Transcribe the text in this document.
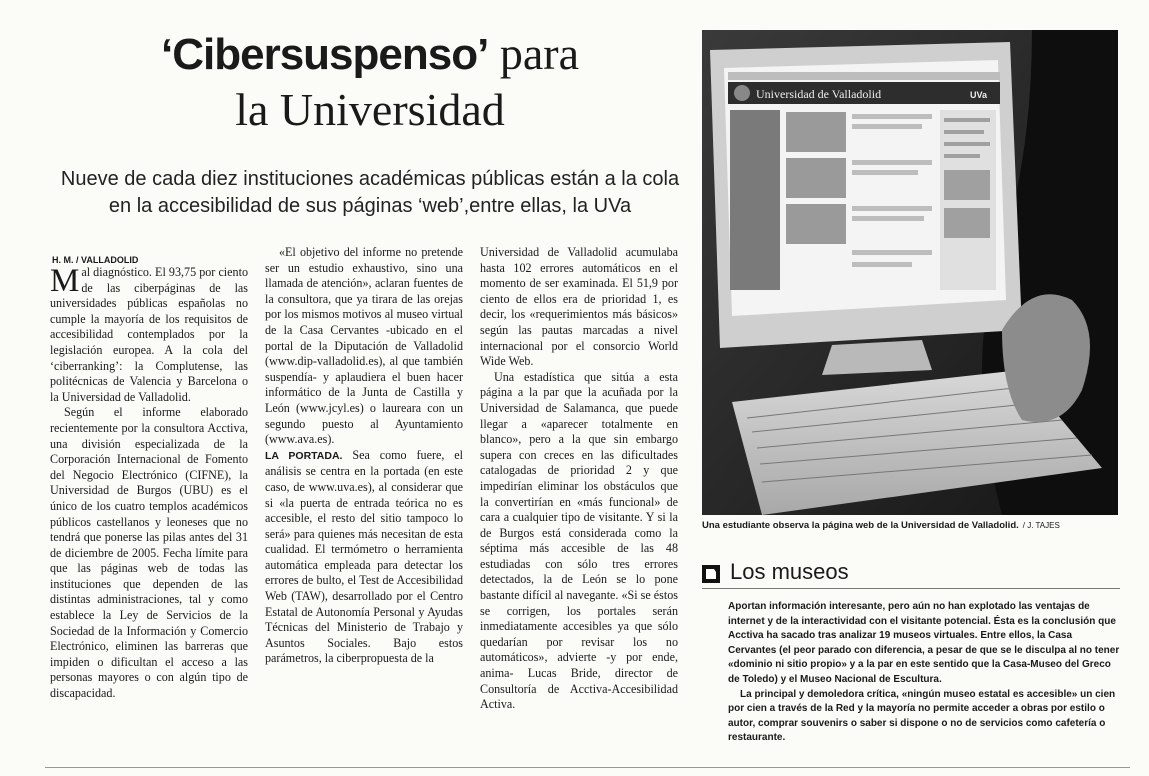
‘Cibersuspenso’ para
la Universidad
Nueve de cada diez instituciones académicas públicas están a la cola en la accesibilidad de sus páginas ‘web’,entre ellas, la UVa
H. M. / VALLADOLID

Mal diagnóstico. El 93,75 por ciento de las ciberpáginas de las universidades públicas españolas no cumple la mayoría de los requisitos de accesibilidad contemplados por la legislación europea. A la cola del ‘ciberranking’: la Complutense, las politécnicas de Valencia y Barcelona o la Universidad de Valladolid.

Según el informe elaborado recientemente por la consultora Acctiva, una división especializada de la Corporación Internacional de Fomento del Negocio Electrónico (CIFNE), la Universidad de Burgos (UBU) es el único de los cuatro templos académicos públicos castellanos y leoneses que no tendrá que ponerse las pilas antes del 31 de diciembre de 2005. Fecha límite para que las páginas web de todas las instituciones que dependen de las distintas administraciones, tal y como establece la Ley de Servicios de la Sociedad de la Información y Comercio Electrónico, eliminen las barreras que impiden o dificultan el acceso a las personas mayores o con algún tipo de discapacidad.

«El objetivo del informe no pretende ser un estudio exhaustivo, sino una llamada de atención», aclaran fuentes de la consultora, que ya tirara de las orejas por los mismos motivos al museo virtual de la Casa Cervantes -ubicado en el portal de la Diputación de Valladolid (www.dip-valladolid.es), al que también suspendía- y aplaudiera el buen hacer informático de la Junta de Castilla y León (www.jcyl.es) o laureara con un segundo puesto al Ayuntamiento (www.ava.es).

LA PORTADA. Sea como fuere, el análisis se centra en la portada (en este caso, de www.uva.es), al considerar que si «la puerta de entrada teórica no es accesible, el resto del sitio tampoco lo será» para quienes más necesitan de esta cualidad. El termómetro o herramienta automática empleada para detectar los errores de bulto, el Test de Accesibilidad Web (TAW), desarrollado por el Centro Estatal de Autonomía Personal y Ayudas Técnicas del Ministerio de Trabajo y Asuntos Sociales. Bajo estos parámetros, la ciberpropuesta de la

Universidad de Valladolid acumulaba hasta 102 errores automáticos en el momento de ser examinada. El 51,9 por ciento de ellos era de prioridad 1, es decir, los «requerimientos más básicos» según las pautas marcadas a nivel internacional por el consorcio World Wide Web.

Una estadística que sitúa a esta página a la par que la acuñada por la Universidad de Salamanca, que puede llegar a «aparecer totalmente en blanco», pero a la que sin embargo supera con creces en las dificultades catalogadas de prioridad 2 y que impedirían eliminar los obstáculos que la convertirían en «más funcional» de cara a cualquier tipo de visitante. Y si la de Burgos está considerada como la séptima más accesible de las 48 estudiadas con sólo tres errores detectados, la de León se lo pone bastante difícil al navegante. «Si se éstos se corrigen, los portales serán inmediatamente accesibles ya que sólo quedarían por revisar los no automáticos», advierte -y por ende, anima- Lucas Bride, director de Consultoría de Acctiva-Accesibilidad Activa.

Universidad de Valladolid	UVa
Una estudiante observa la página web de la Universidad de Valladolid. / J. TAJES
Los museos

Aportan información interesante, pero aún no han explotado las ventajas de internet y de la interactividad con el visitante potencial. Ésta es la conclusión que Acctiva ha sacado tras analizar 19 museos virtuales. Entre ellos, la Casa Cervantes (el peor parado con diferencia, a pesar de que se le disculpa al no tener «dominio ni sitio propio» y a la par en este sentido que la Casa-Museo del Greco de Toledo) y el Museo Nacional de Escultura.

La principal y demoledora crítica, «ningún museo estatal es accesible» un cien por cien a través de la Red y la mayoría no permite acceder a obras por estilo o autor, comprar souvenirs o saber si dispone o no de servicios como cafetería o restaurante.
